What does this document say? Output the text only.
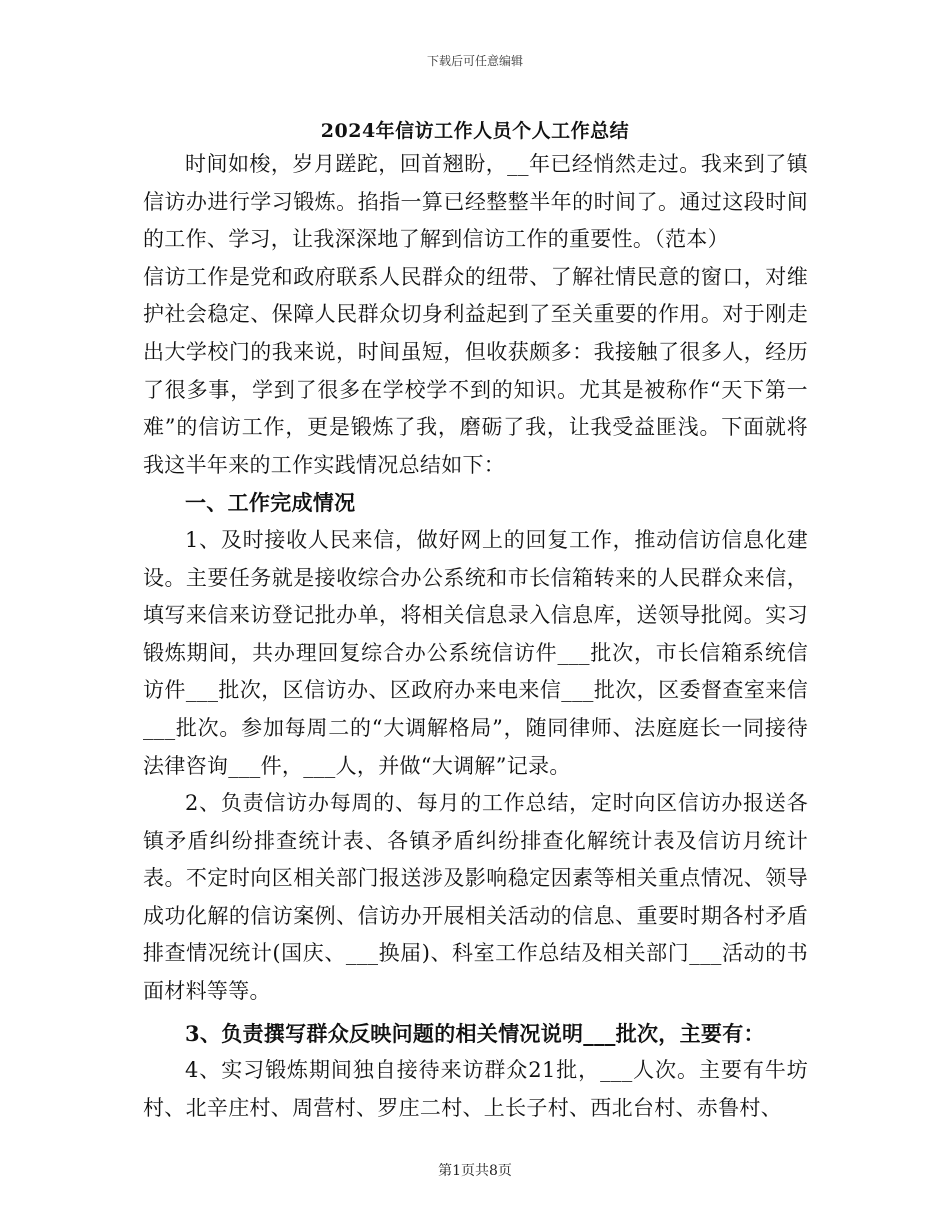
下载后可任意编辑
2024年信访工作人员个人工作总结

时间如梭，岁月蹉跎，回首翘盼，__年已经悄然走过。我来到了镇信访办进行学习锻炼。掐指一算已经整整半年的时间了。通过这段时间的工作、学习，让我深深地了解到信访工作的重要性。（范本）

信访工作是党和政府联系人民群众的纽带、了解社情民意的窗口，对维护社会稳定、保障人民群众切身利益起到了至关重要的作用。对于刚走出大学校门的我来说，时间虽短，但收获颇多：我接触了很多人，经历了很多事，学到了很多在学校学不到的知识。尤其是被称作“天下第一难”的信访工作，更是锻炼了我，磨砺了我，让我受益匪浅。下面就将我这半年来的工作实践情况总结如下：

一、工作完成情况

1、及时接收人民来信，做好网上的回复工作，推动信访信息化建设。主要任务就是接收综合办公系统和市长信箱转来的人民群众来信，填写来信来访登记批办单，将相关信息录入信息库，送领导批阅。实习锻炼期间，共办理回复综合办公系统信访件___批次，市长信箱系统信访件___批次，区信访办、区政府办来电来信___批次，区委督查室来信___批次。参加每周二的“大调解格局”，随同律师、法庭庭长一同接待法律咨询___件，___人，并做“大调解”记录。

2、负责信访办每周的、每月的工作总结，定时向区信访办报送各镇矛盾纠纷排查统计表、各镇矛盾纠纷排查化解统计表及信访月统计表。不定时向区相关部门报送涉及影响稳定因素等相关重点情况、领导成功化解的信访案例、信访办开展相关活动的信息、重要时期各村矛盾排查情况统计(国庆、___换届)、科室工作总结及相关部门___活动的书面材料等等。

3、负责撰写群众反映问题的相关情况说明___批次，主要有：

4、实习锻炼期间独自接待来访群众21批，___人次。主要有牛坊村、北辛庄村、周营村、罗庄二村、上长子村、西北台村、赤鲁村、

第1页共8页
